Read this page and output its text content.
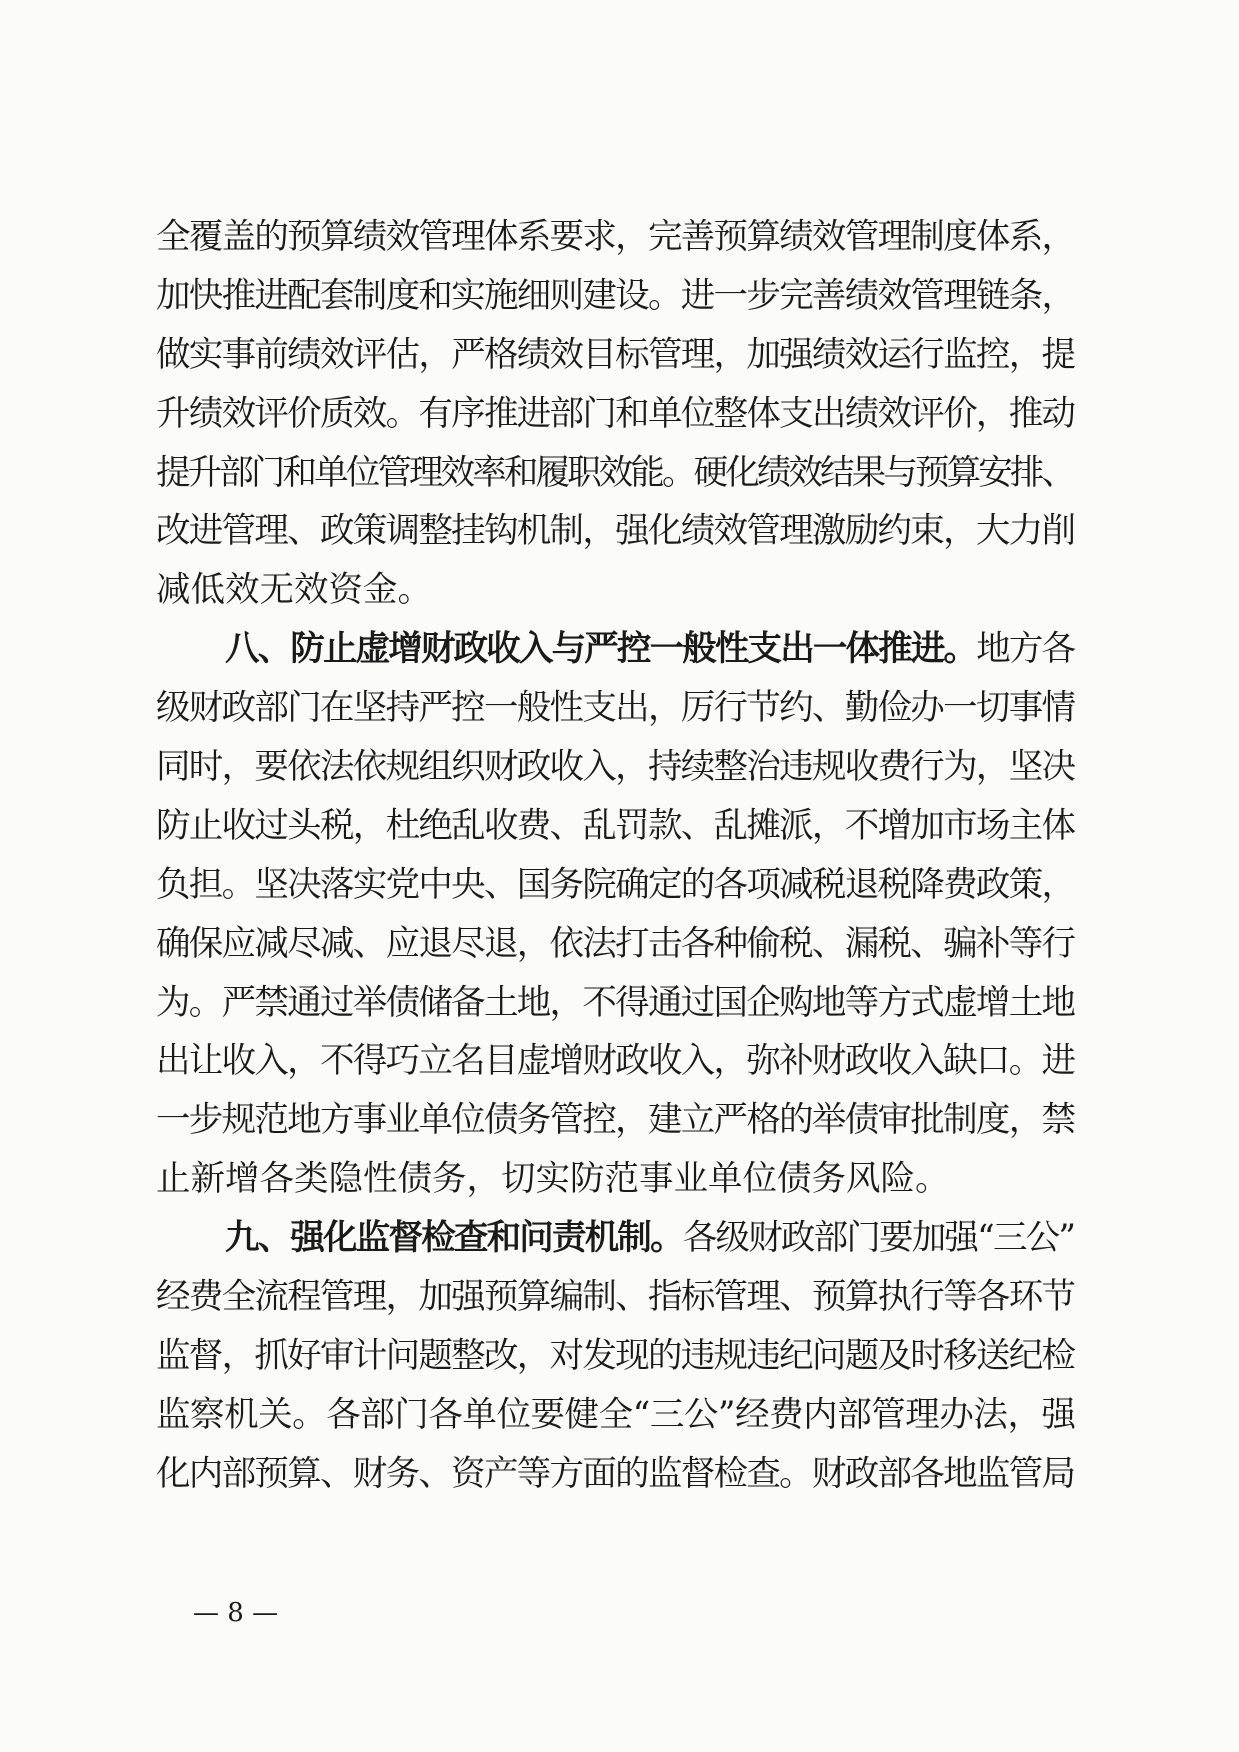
全覆盖的预算绩效管理体系要求，完善预算绩效管理制度体系，
加快推进配套制度和实施细则建设。进一步完善绩效管理链条，
做实事前绩效评估，严格绩效目标管理，加强绩效运行监控，提
升绩效评价质效。有序推进部门和单位整体支出绩效评价，推动
提升部门和单位管理效率和履职效能。硬化绩效结果与预算安排、
改进管理、政策调整挂钩机制，强化绩效管理激励约束，大力削
减低效无效资金。
八、防止虚增财政收入与严控一般性支出一体推进。地方各
级财政部门在坚持严控一般性支出，厉行节约、勤俭办一切事情
同时，要依法依规组织财政收入，持续整治违规收费行为，坚决
防止收过头税，杜绝乱收费、乱罚款、乱摊派，不增加市场主体
负担。坚决落实党中央、国务院确定的各项减税退税降费政策，
确保应减尽减、应退尽退，依法打击各种偷税、漏税、骗补等行
为。严禁通过举债储备土地，不得通过国企购地等方式虚增土地
出让收入，不得巧立名目虚增财政收入，弥补财政收入缺口。进
一步规范地方事业单位债务管控，建立严格的举债审批制度，禁
止新增各类隐性债务，切实防范事业单位债务风险。
九、强化监督检查和问责机制。各级财政部门要加强“三公”
经费全流程管理，加强预算编制、指标管理、预算执行等各环节
监督，抓好审计问题整改，对发现的违规违纪问题及时移送纪检
监察机关。各部门各单位要健全“三公”经费内部管理办法，强
化内部预算、财务、资产等方面的监督检查。财政部各地监管局
— 8 —
